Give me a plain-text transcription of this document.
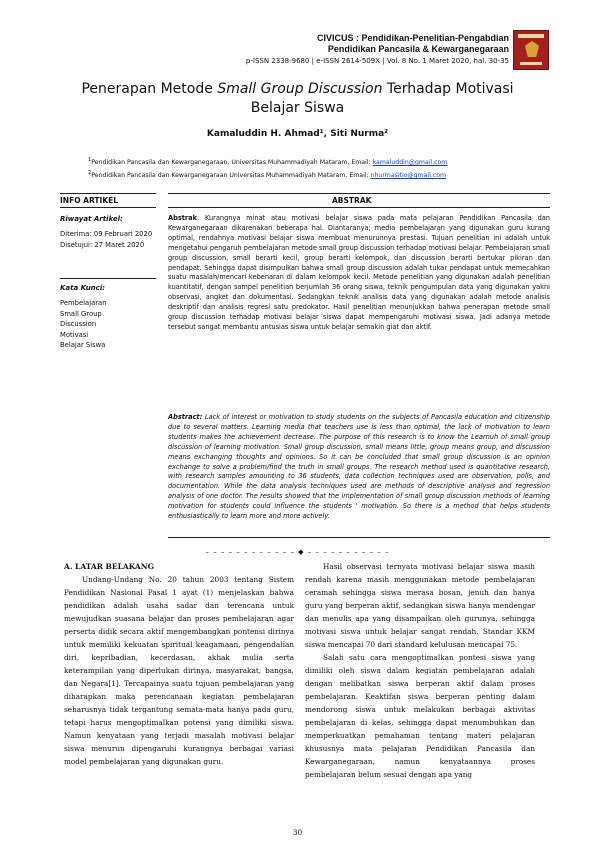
CIVICUS : Pendidikan-Penelitian-Pengabdian
Pendidikan Pancasila & Kewarganegaraan
p-ISSN 2338-9680 | e-ISSN 2614-509X | Vol. 8 No. 1 Maret 2020, hal. 30-35
Penerapan Metode Small Group Discussion Terhadap Motivasi
Belajar Siswa
Kamaluddin H. Ahmad¹, Siti Nurma²
$^1$Pendidikan Pancasila dan Kewarganegaraan, Universitas Muhammadiyah Mataram, Email: kamaluddin@gmail.com
$^2$Pendidikan Pancasila dan Kewarganegaraan Universitas Muhammadiyah Mataram, Email: nhurmasitio@gmail.com
INFO ARTIKEL	ABSTRAK
Riwayat Artikel:
Diterima: 09 Februari 2020
Disetujui: 27 Maret 2020
Kata Kunci:
Pembelajaran
Small Group
Discussion
Motivasi
Belajar Siswa
Abstrak: Kurangnya minat atau motivasi belajar siswa pada mata pelajaran Pendidikan Pancasila dan Kewarganegaraan dikarenakan beberapa hal. Diantaranya; media pembelajaran yang digunakan guru kurang optimal, rendahnya motivasi belajar siswa membuat menurunnya prestasi. Tujuan penelitian ini adalah untuk mengetahui pengaruh pembelajaran metode small group discussion terhadap motivasi belajar. Pembelajaran small group discussion, small berarti kecil, group berarti kelompok, dan discussion berarti bertukar pikiran dan pendapat. Sehingga dapat disimpulkan bahwa small group discussion adalah tukar pendapat untuk memecahkan suatu masalah/mencari kebenaran di dalam kelompok kecil. Metode penelitian yang digunakan adalah penelitian kuantitatif, dengan sampel penelitian berjumlah 36 orang siswa, teknik pengumpulan data yang digunakan yakni observasi, angket dan dokumentasi. Sedangkan teknik analisis data yang digunakan adalah metode analisis deskriptif dan analisis regresi satu predokator. Hasil penelitian menunjukkan bahwa penerapan metode small group discussion terhadap motivasi belajar siswa dapat mempengaruhi motivasi siswa. Jadi adanya metode tersebut sangat membantu antusias siswa untuk belajar semakin giat dan aktif.
Abstract: Lack of interest or motivation to study students on the subjects of Pancasila education and citizenship due to several matters. Learning media that teachers use is less than optimal, the lack of motivation to learn students makes the achievement decrease. The purpose of this research is to know the Learnuh of small group discussion of learning motivation. Small group discussion, small means little, group means group, and discussion means exchanging thoughts and opinions. So it can be concluded that small group discussion is an opinion exchange to solve a problem/find the truth in small groups. The research method used is quantitative research, with research samples amounting to 36 students, data collection techniques used are observation, polls, and documentation. While the data analysis techniques used are methods of descriptive analysis and regression analysis of one doctor. The results showed that the implementation of small group discussion methods of learning motivation for students could influence the students ' motivation. So there is a method that helps students enthusiastically to learn more and more actively.
– – – – – – – – – – – – ◆ – – – – – – – – – – –

A. LATAR BELAKANG

Undang-Undang No. 20 tahun 2003 tentang Sistem Pendidikan Nasional Pasal 1 ayat (1) menjelaskan bahwa pendidikan adalah usaha sadar dan terencana untuk mewujudkan suasana belajar dan proses pembelajaran agar perserta didik secara aktif mengembangkan pontensi dirinya untuk memiliki kekuatan spiritual keagamaan, pengendalian diri, kepribadian, kecerdasan, akhak mulia serta keterampilan yang diperlukan dirinya, masyarakat, bangsa, dan Negara[1]. Tercapainya suatu tujuan pembelajaran yang diharapkan maka perencanaan kegiatan pembelajaran seharusnya tidak tergantung semata-mata hanya pada guru, tetapi harus mengoptimalkan potensi yang dimiliki siswa. Namun kenyataan yang terjadi masalah motivasi belajar siswa menurun dipengaruhi kurangnya berbagai variasi model pembelajaran yang digunakan guru.

Hasil observasi ternyata motivasi belajar siswa masih rendah karena masih menggunakan metode pembelajaran ceramah sehingga siswa merasa bosan, jenuh dan hanya guru yang berperan aktif, sedangkan siswa hanya mendengar dan menulis apa yang disampaikan oleh gurunya, sehingga motivasi siswa untuk belajar sangat rendah. Standar KKM siswa mencapai 70 dari standard kelulusan mencapai 75.

Salah satu cara mengoptimalkan pontesi siswa yang dimiliki oleh siswa dalam kegiatan pembelajaran adalah dengan melibatkan siswa berperan aktif dalam proses pembelajaran. Keaktifan siswa berperan penting dalam mendorong siswa untuk melakukan berbagai aktivitas pembelajaran di kelas, sehingga dapat menumbuhkan dan memperkuatkan pemahaman tentang materi pelajaran khususnya mata pelajaran Pendidikan Pancasila dan Kewarganegaraan, namun kenyataannya proses pembelajaran belum sesuai dengan apa yang

30
